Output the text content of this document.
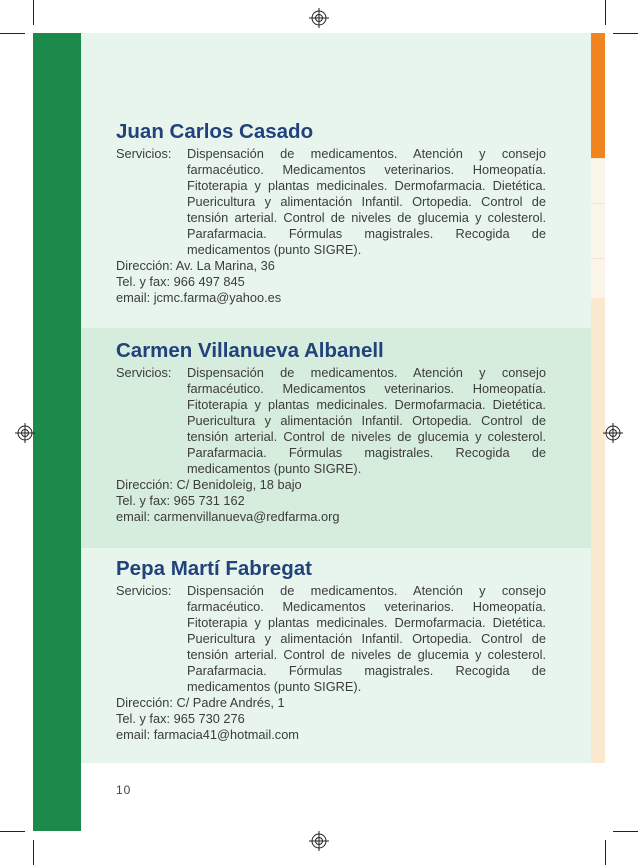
Juan Carlos Casado
Servicios:	Dispensación de medicamentos. Atención y consejo farmacéutico. Medicamentos veterinarios. Homeopatía. Fitoterapia y plantas medicinales. Dermofarmacia. Dietética. Puericultura y alimentación Infantil. Ortopedia. Control de tensión arterial. Control de niveles de glucemia y colesterol. Parafarmacia. Fórmulas magistrales. Recogida de medicamentos (punto SIGRE).
Dirección: Av. La Marina, 36
Tel. y fax: 966 497 845
email: jcmc.farma@yahoo.es
Carmen Villanueva Albanell
Servicios:	Dispensación de medicamentos. Atención y consejo farmacéutico. Medicamentos veterinarios. Homeopatía. Fitoterapia y plantas medicinales. Dermofarmacia. Dietética. Puericultura y alimentación Infantil. Ortopedia. Control de tensión arterial. Control de niveles de glucemia y colesterol. Parafarmacia. Fórmulas magistrales. Recogida de medicamentos (punto SIGRE).
Dirección: C/ Benidoleig, 18 bajo
Tel. y fax: 965 731 162
email: carmenvillanueva@redfarma.org
Pepa Martí Fabregat
Servicios:	Dispensación de medicamentos. Atención y consejo farmacéutico. Medicamentos veterinarios. Homeopatía. Fitoterapia y plantas medicinales. Dermofarmacia. Dietética. Puericultura y alimentación Infantil. Ortopedia. Control de tensión arterial. Control de niveles de glucemia y colesterol. Parafarmacia. Fórmulas magistrales. Recogida de medicamentos (punto SIGRE).
Dirección: C/ Padre Andrés, 1
Tel. y fax: 965 730 276
email: farmacia41@hotmail.com
10
